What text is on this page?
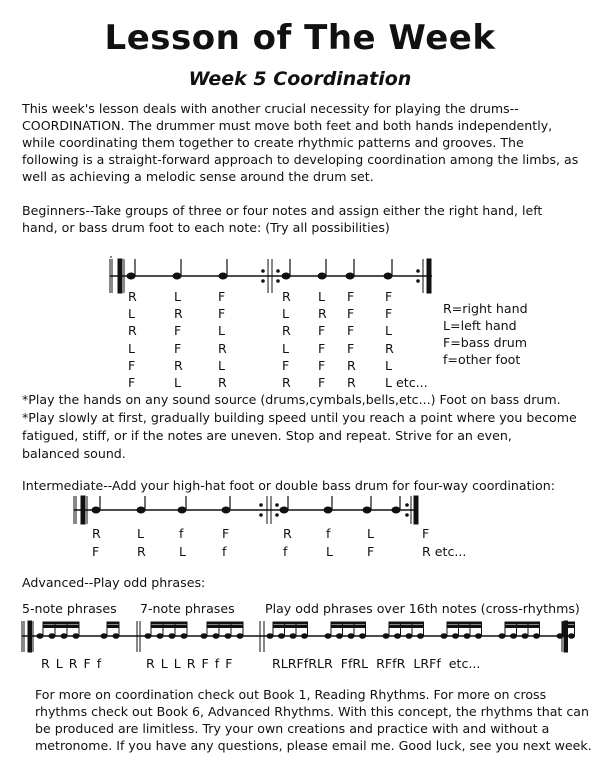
Lesson of The Week
Week 5 Coordination
This week's lesson deals with another crucial necessity for playing the drums--
COORDINATION. The drummer must move both feet and both hands independently,
while coordinating them together to create rhythmic patterns and grooves. The
following is a straight-forward approach to developing coordination among the limbs, as
well as achieving a melodic sense around the drum set.
Beginners--Take groups of three or four notes and assign either the right hand, left
hand, or bass drum foot to each note: (Try all possibilities)
R	L	F
L	R	F
R	F	L
L	F	R
F	R	L
F	L	R
R L F F
L R F F
R F F L
L F F R
F F R L
R F R L etc...
R=right hand
L=left hand
F=bass drum
f=other foot
*Play the hands on any sound source (drums,cymbals,bells,etc...) Foot on bass drum.
*Play slowly at first, gradually building speed until you reach a point where you become
fatigued, stiff, or if the notes are uneven. Stop and repeat. Strive for an even,
balanced sound.
Intermediate--Add your high-hat foot or double bass drum for four-way coordination:
R	L	f	F	R	f	L	F
F	R	L	f	f	L	F	R etc...
Advanced--Play odd phrases:
5-note phrases 7-note phrases Play odd phrases over 16th notes (cross-rhythms)
R L R F f	R L L R F f F	RLRFfRLR FfRL RFfR LRFf etc...
For more on coordination check out Book 1, Reading Rhythms. For more on cross
rhythms check out Book 6, Advanced Rhythms. With this concept, the rhythms that can
be produced are limitless. Try your own creations and practice with and without a
metronome. If you have any questions, please email me. Good luck, see you next week.
